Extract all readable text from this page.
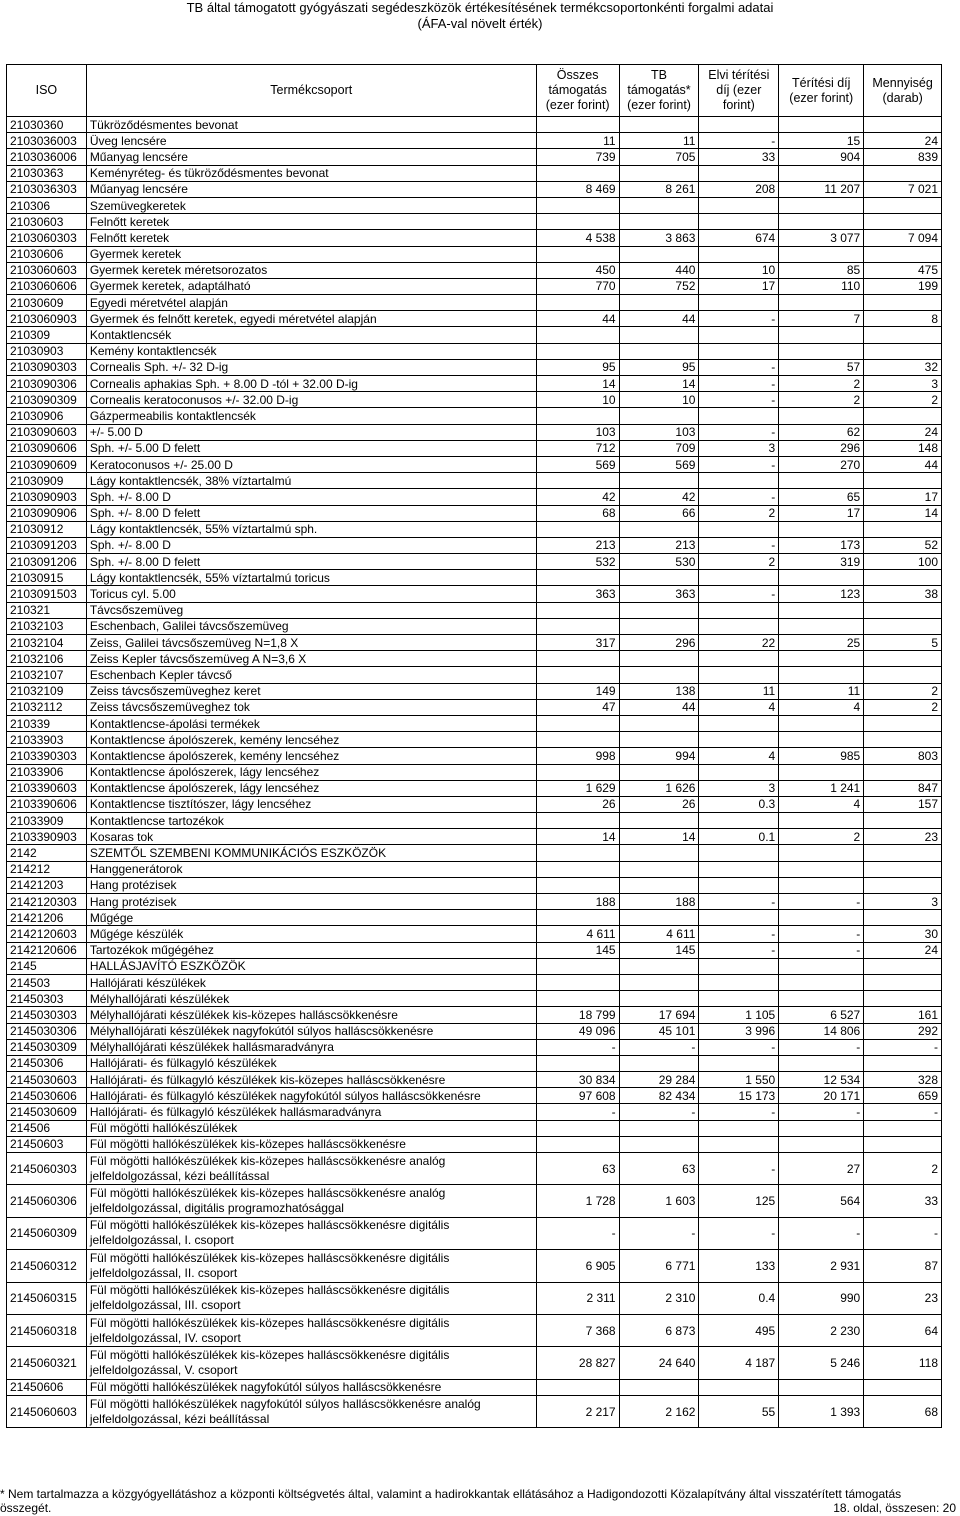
TB által támogatott gyógyászati segédeszközök értékesítésének termékcsoportonkénti forgalmi adatai
(ÁFA-val növelt érték)
ISO	Termékcsoport	Összes támogatás (ezer forint)	TB támogatás* (ezer forint)	Elvi térítési díj (ezer forint)	Térítési díj (ezer forint)	Mennyiség (darab)
21030360	Tükröződésmentes bevonat					
2103036003	Üveg lencsére	11	11	-	15	24
2103036006	Műanyag lencsére	739	705	33	904	839
21030363	Keményréteg- és tükröződésmentes bevonat					
2103036303	Műanyag lencsére	8 469	8 261	208	11 207	7 021
210306	Szemüvegkeretek					
21030603	Felnőtt keretek					
2103060303	Felnőtt keretek	4 538	3 863	674	3 077	7 094
21030606	Gyermek keretek					
2103060603	Gyermek keretek méretsorozatos	450	440	10	85	475
2103060606	Gyermek keretek, adaptálható	770	752	17	110	199
21030609	Egyedi méretvétel alapján					
2103060903	Gyermek és felnőtt keretek, egyedi méretvétel alapján	44	44	-	7	8
210309	Kontaktlencsék					
21030903	Kemény kontaktlencsék					
2103090303	Cornealis Sph. +/- 32 D-ig	95	95	-	57	32
2103090306	Cornealis aphakias Sph. + 8.00 D -tól + 32.00 D-ig	14	14	-	2	3
2103090309	Cornealis keratoconusos +/- 32.00 D-ig	10	10	-	2	2
21030906	Gázpermeabilis kontaktlencsék					
2103090603	+/- 5.00 D	103	103	-	62	24
2103090606	Sph. +/- 5.00 D felett	712	709	3	296	148
2103090609	Keratoconusos +/- 25.00 D	569	569	-	270	44
21030909	Lágy kontaktlencsék, 38% víztartalmú					
2103090903	Sph. +/- 8.00 D	42	42	-	65	17
2103090906	Sph. +/- 8.00 D felett	68	66	2	17	14
21030912	Lágy kontaktlencsék, 55% víztartalmú sph.					
2103091203	Sph. +/- 8.00 D	213	213	-	173	52
2103091206	Sph. +/- 8.00 D felett	532	530	2	319	100
21030915	Lágy kontaktlencsék, 55% víztartalmú toricus					
2103091503	Toricus cyl. 5.00	363	363	-	123	38
210321	Távcsőszemüveg					
21032103	Eschenbach, Galilei távcsőszemüveg					
21032104	Zeiss, Galilei távcsőszemüveg N=1,8 X	317	296	22	25	5
21032106	Zeiss Kepler távcsőszemüveg A N=3,6 X					
21032107	Eschenbach Kepler távcső					
21032109	Zeiss távcsőszemüveghez keret	149	138	11	11	2
21032112	Zeiss távcsőszemüveghez tok	47	44	4	4	2
210339	Kontaktlencse-ápolási termékek					
21033903	Kontaktlencse ápolószerek, kemény lencséhez					
2103390303	Kontaktlencse ápolószerek, kemény lencséhez	998	994	4	985	803
21033906	Kontaktlencse ápolószerek, lágy lencséhez					
2103390603	Kontaktlencse ápolószerek, lágy lencséhez	1 629	1 626	3	1 241	847
2103390606	Kontaktlencse tisztítószer, lágy lencséhez	26	26	0.3	4	157
21033909	Kontaktlencse tartozékok					
2103390903	Kosaras tok	14	14	0.1	2	23
2142	SZEMTŐL SZEMBENI KOMMUNIKÁCIÓS ESZKÖZÖK					
214212	Hanggenerátorok					
21421203	Hang protézisek					
2142120303	Hang protézisek	188	188	-	-	3
21421206	Műgége					
2142120603	Műgége készülék	4 611	4 611	-	-	30
2142120606	Tartozékok műgégéhez	145	145	-	-	24
2145	HALLÁSJAVÍTÓ ESZKÖZÖK					
214503	Hallójárati készülékek					
21450303	Mélyhallójárati készülékek					
2145030303	Mélyhallójárati készülékek kis-közepes halláscsökkenésre	18 799	17 694	1 105	6 527	161
2145030306	Mélyhallójárati készülékek nagyfokútól súlyos halláscsökkenésre	49 096	45 101	3 996	14 806	292
2145030309	Mélyhallójárati készülékek hallásmaradványra	-	-	-	-	-
21450306	Hallójárati- és fülkagyló készülékek					
2145030603	Hallójárati- és fülkagyló készülékek kis-közepes halláscsökkenésre	30 834	29 284	1 550	12 534	328
2145030606	Hallójárati- és fülkagyló készülékek nagyfokútól súlyos halláscsökkenésre	97 608	82 434	15 173	20 171	659
2145030609	Hallójárati- és fülkagyló készülékek hallásmaradványra	-	-	-	-	-
214506	Fül mögötti hallókészülékek					
21450603	Fül mögötti hallókészülékek kis-közepes halláscsökkenésre					
2145060303	Fül mögötti hallókészülékek kis-közepes halláscsökkenésre analóg jelfeldolgozással, kézi beállítással	63	63	-	27	2
2145060306	Fül mögötti hallókészülékek kis-közepes halláscsökkenésre analóg jelfeldolgozással, digitális programozhatósággal	1 728	1 603	125	564	33
2145060309	Fül mögötti hallókészülékek kis-közepes halláscsökkenésre digitális jelfeldolgozással, I. csoport	-	-	-	-	-
2145060312	Fül mögötti hallókészülékek kis-közepes halláscsökkenésre digitális jelfeldolgozással, II. csoport	6 905	6 771	133	2 931	87
2145060315	Fül mögötti hallókészülékek kis-közepes halláscsökkenésre digitális jelfeldolgozással, III. csoport	2 311	2 310	0.4	990	23
2145060318	Fül mögötti hallókészülékek kis-közepes halláscsökkenésre digitális jelfeldolgozással, IV. csoport	7 368	6 873	495	2 230	64
2145060321	Fül mögötti hallókészülékek kis-közepes halláscsökkenésre digitális jelfeldolgozással, V. csoport	28 827	24 640	4 187	5 246	118
21450606	Fül mögötti hallókészülékek nagyfokútól súlyos halláscsökkenésre					
2145060603	Fül mögötti hallókészülékek nagyfokútól súlyos halláscsökkenésre analóg jelfeldolgozással, kézi beállítással	2 217	2 162	55	1 393	68
* Nem tartalmazza a közgyógyellátáshoz a központi költségvetés által, valamint a hadirokkantak ellátásához a Hadigondozotti Közalapítvány által visszatérített támogatás
összegét.	18. oldal, összesen: 20
